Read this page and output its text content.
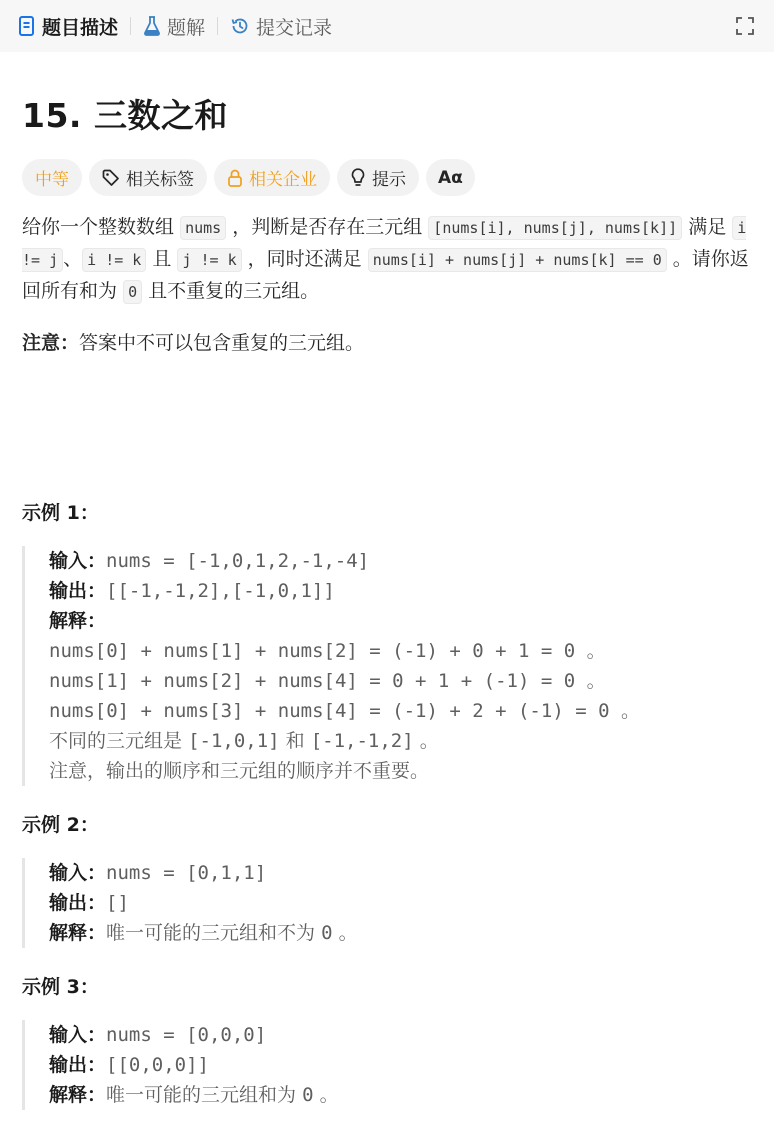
题目描述	题解	提交记录
15. 三数之和
中等	相关标签	相关企业	提示 Aα
给你一个整数数组 nums ，判断是否存在三元组 [nums[i], nums[j], nums[k]] 满足 i != j 、 i != k 且 j != k ，同时还满足 nums[i] + nums[j] + nums[k] == 0 。请你返回所有和为 0 且不重复的三元组。
注意：答案中不可以包含重复的三元组。
示例 1：
输入：nums = [-1,0,1,2,-1,-4]
输出：[[-1,-1,2],[-1,0,1]]
解释：
nums[0] + nums[1] + nums[2] = (-1) + 0 + 1 = 0 。
nums[1] + nums[2] + nums[4] = 0 + 1 + (-1) = 0 。
nums[0] + nums[3] + nums[4] = (-1) + 2 + (-1) = 0 。
不同的三元组是 [-1,0,1] 和 [-1,-1,2] 。
注意，输出的顺序和三元组的顺序并不重要。
示例 2：
输入：nums = [0,1,1]
输出：[]
解释：唯一可能的三元组和不为 0 。
示例 3：
输入：nums = [0,0,0]
输出：[[0,0,0]]
解释：唯一可能的三元组和为 0 。
